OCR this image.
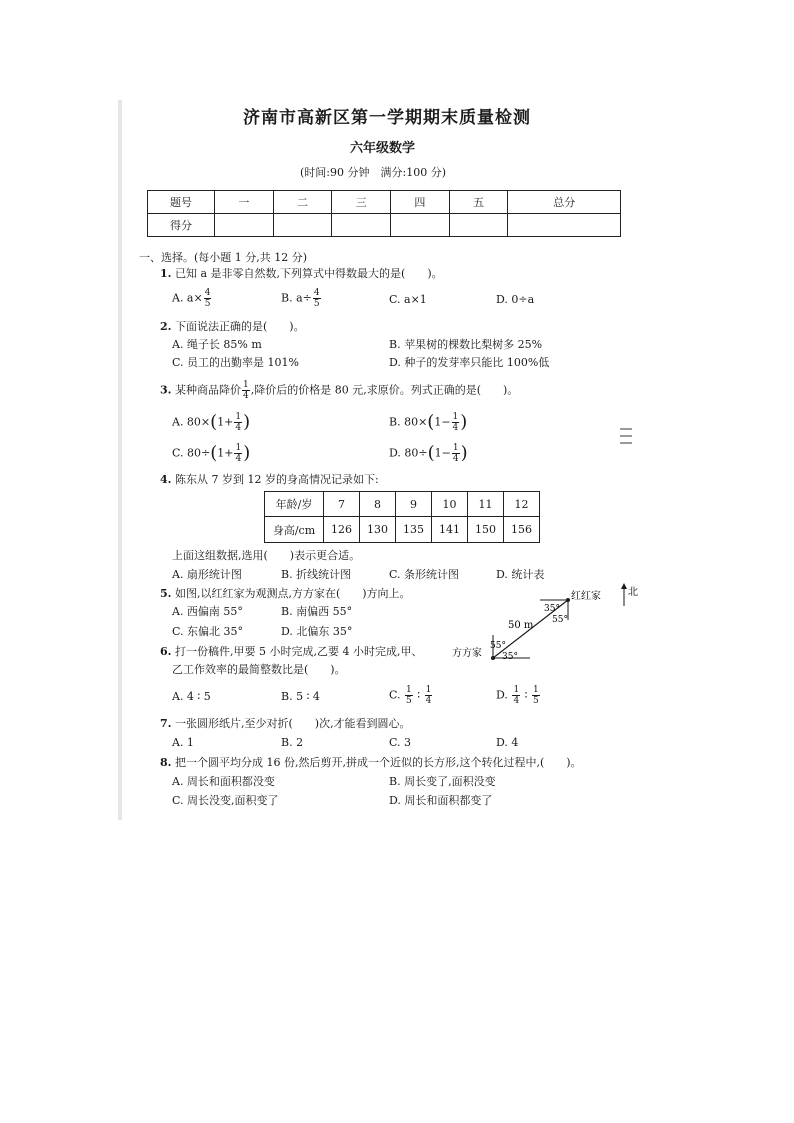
济南市高新区第一学期期末质量检测
六年级数学
(时间:90 分钟　满分:100 分)
题号	一	二	三	四	五	总分
得分						
一、选择。(每小题 1 分,共 12 分)
1. 已知 a 是非零自然数,下列算式中得数最大的是(　　)。
A. $a\times \frac{4}{5}$	B. $a\div \frac{4}{5}$	C. a×1	D. 0÷a
2. 下面说法正确的是(　　)。
A. 绳子长 85% m	B. 苹果树的棵数比梨树多 25%
C. 员工的出勤率是 101%	D. 种子的发芽率只能比 100%低
3. 某种商品降价 $\frac{1}{4}$ ,降价后的价格是 80 元,求原价。列式正确的是(　　)。
A. $80\times(1+ \frac{1}{4}$ )	B. $80\times(1- \frac{1}{4}$ )
C. $80\div(1+ \frac{1}{4}$ )	D. $80\div(1- \frac{1}{4}$ )
4. 陈东从 7 岁到 12 岁的身高情况记录如下:
年龄/岁	7	8	9	10	11	12
身高/cm	126	130	135	141	150	156
上面这组数据,选用(　　)表示更合适。
A. 扇形统计图	B. 折线统计图	C. 条形统计图	D. 统计表
5. 如图,以红红家为观测点,方方家在(　　)方向上。
A. 西偏南 55°	B. 南偏西 55°
C. 东偏北 35°	D. 北偏东 35°
北
红红家
方方家
50 m
35°
55°
55°
35°
6. 打一份稿件,甲要 5 小时完成,乙要 4 小时完成,甲、
乙工作效率的最简整数比是(　　)。
A. 4 ∶ 5	B. 5 ∶ 4	C. $\frac{1}{5}$ ∶ $\frac{1}{4}$	D. $\frac{1}{4}$ ∶ $\frac{1}{5}$
7. 一张圆形纸片,至少对折(　　)次,才能看到圆心。
A. 1	B. 2	C. 3	D. 4
8. 把一个圆平均分成 16 份,然后剪开,拼成一个近似的长方形,这个转化过程中,(　　)。
A. 周长和面积都没变	B. 周长变了,面积没变
C. 周长没变,面积变了	D. 周长和面积都变了
